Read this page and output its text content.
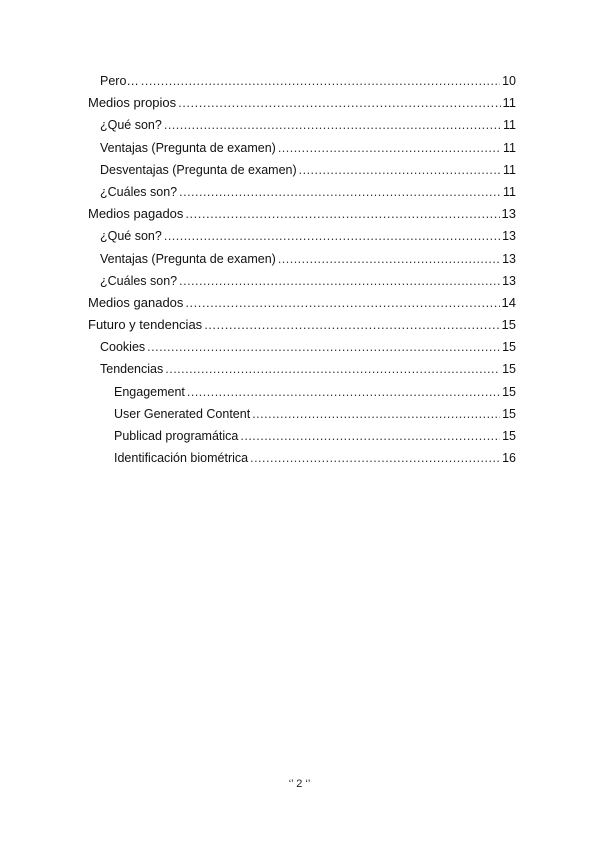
Pero… .....	10
Medios propios .....	11
¿Qué son? .....	11
Ventajas (Pregunta de examen) .....	11
Desventajas (Pregunta de examen) .....	11
¿Cuáles son? .....	11
Medios pagados .....	13
¿Qué son? .....	13
Ventajas (Pregunta de examen) .....	13
¿Cuáles son? .....	13
Medios ganados .....	14
Futuro y tendencias .....	15
Cookies .....	15
Tendencias .....	15
Engagement .....	15
User Generated Content .....	15
Publicad programática .....	15
Identificación biométrica .....	16
‘’ 2 ‘’
